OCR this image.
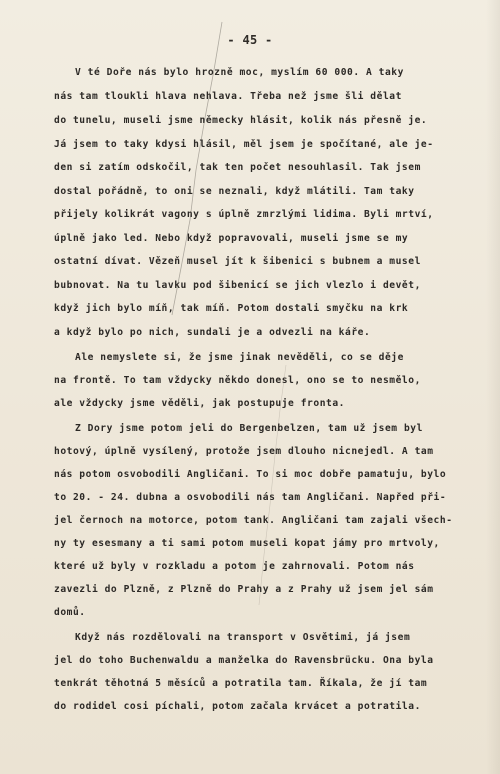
- 45 -
V té Doře nás bylo hrozně moc, myslím 60 000. A taky
nás tam tloukli hlava nehlava. Třeba než jsme šli dělat
do tunelu, museli jsme německy hlásit, kolik nás přesně je.
Já jsem to taky kdysi hlásil, měl jsem je spočítané, ale je-
den si zatím odskočil, tak ten počet nesouhlasil. Tak jsem
dostal pořádně, to oni se neznali, když mlátili. Tam taky
přijely kolikrát vagony s úplně zmrzlými lidima. Byli mrtví,
úplně jako led. Nebo když popravovali, museli jsme se my
ostatní dívat. Vězeň musel jít k šibenici s bubnem a musel
bubnovat. Na tu lavku pod šibenicí se jich vlezlo i devět,
když jich bylo míň, tak míň. Potom dostali smyčku na krk
a když bylo po nich, sundali je a odvezli na káře.
Ale nemyslete si, že jsme jinak nevěděli, co se děje
na frontě. To tam vždycky někdo donesl, ono se to nesmělo,
ale vždycky jsme věděli, jak postupuje fronta.
Z Dory jsme potom jeli do Bergenbelzen, tam už jsem byl
hotový, úplně vysílený, protože jsem dlouho nicnejedl. A tam
nás potom osvobodili Angličani. To si moc dobře pamatuju, bylo
to 20. - 24. dubna a osvobodili nás tam Angličani. Napřed při-
jel černoch na motorce, potom tank. Angličani tam zajali všech-
ny ty esesmany a ti sami potom museli kopat jámy pro mrtvoly,
které už byly v rozkladu a potom je zahrnovali. Potom nás
zavezli do Plzně, z Plzně do Prahy a z Prahy už jsem jel sám
domů.
Když nás rozdělovali na transport v Osvětimi, já jsem
jel do toho Buchenwaldu a manželka do Ravensbrücku. Ona byla
tenkrát těhotná 5 měsíců a potratila tam. Říkala, že jí tam
do rodidel cosi píchali, potom začala krvácet a potratila.
